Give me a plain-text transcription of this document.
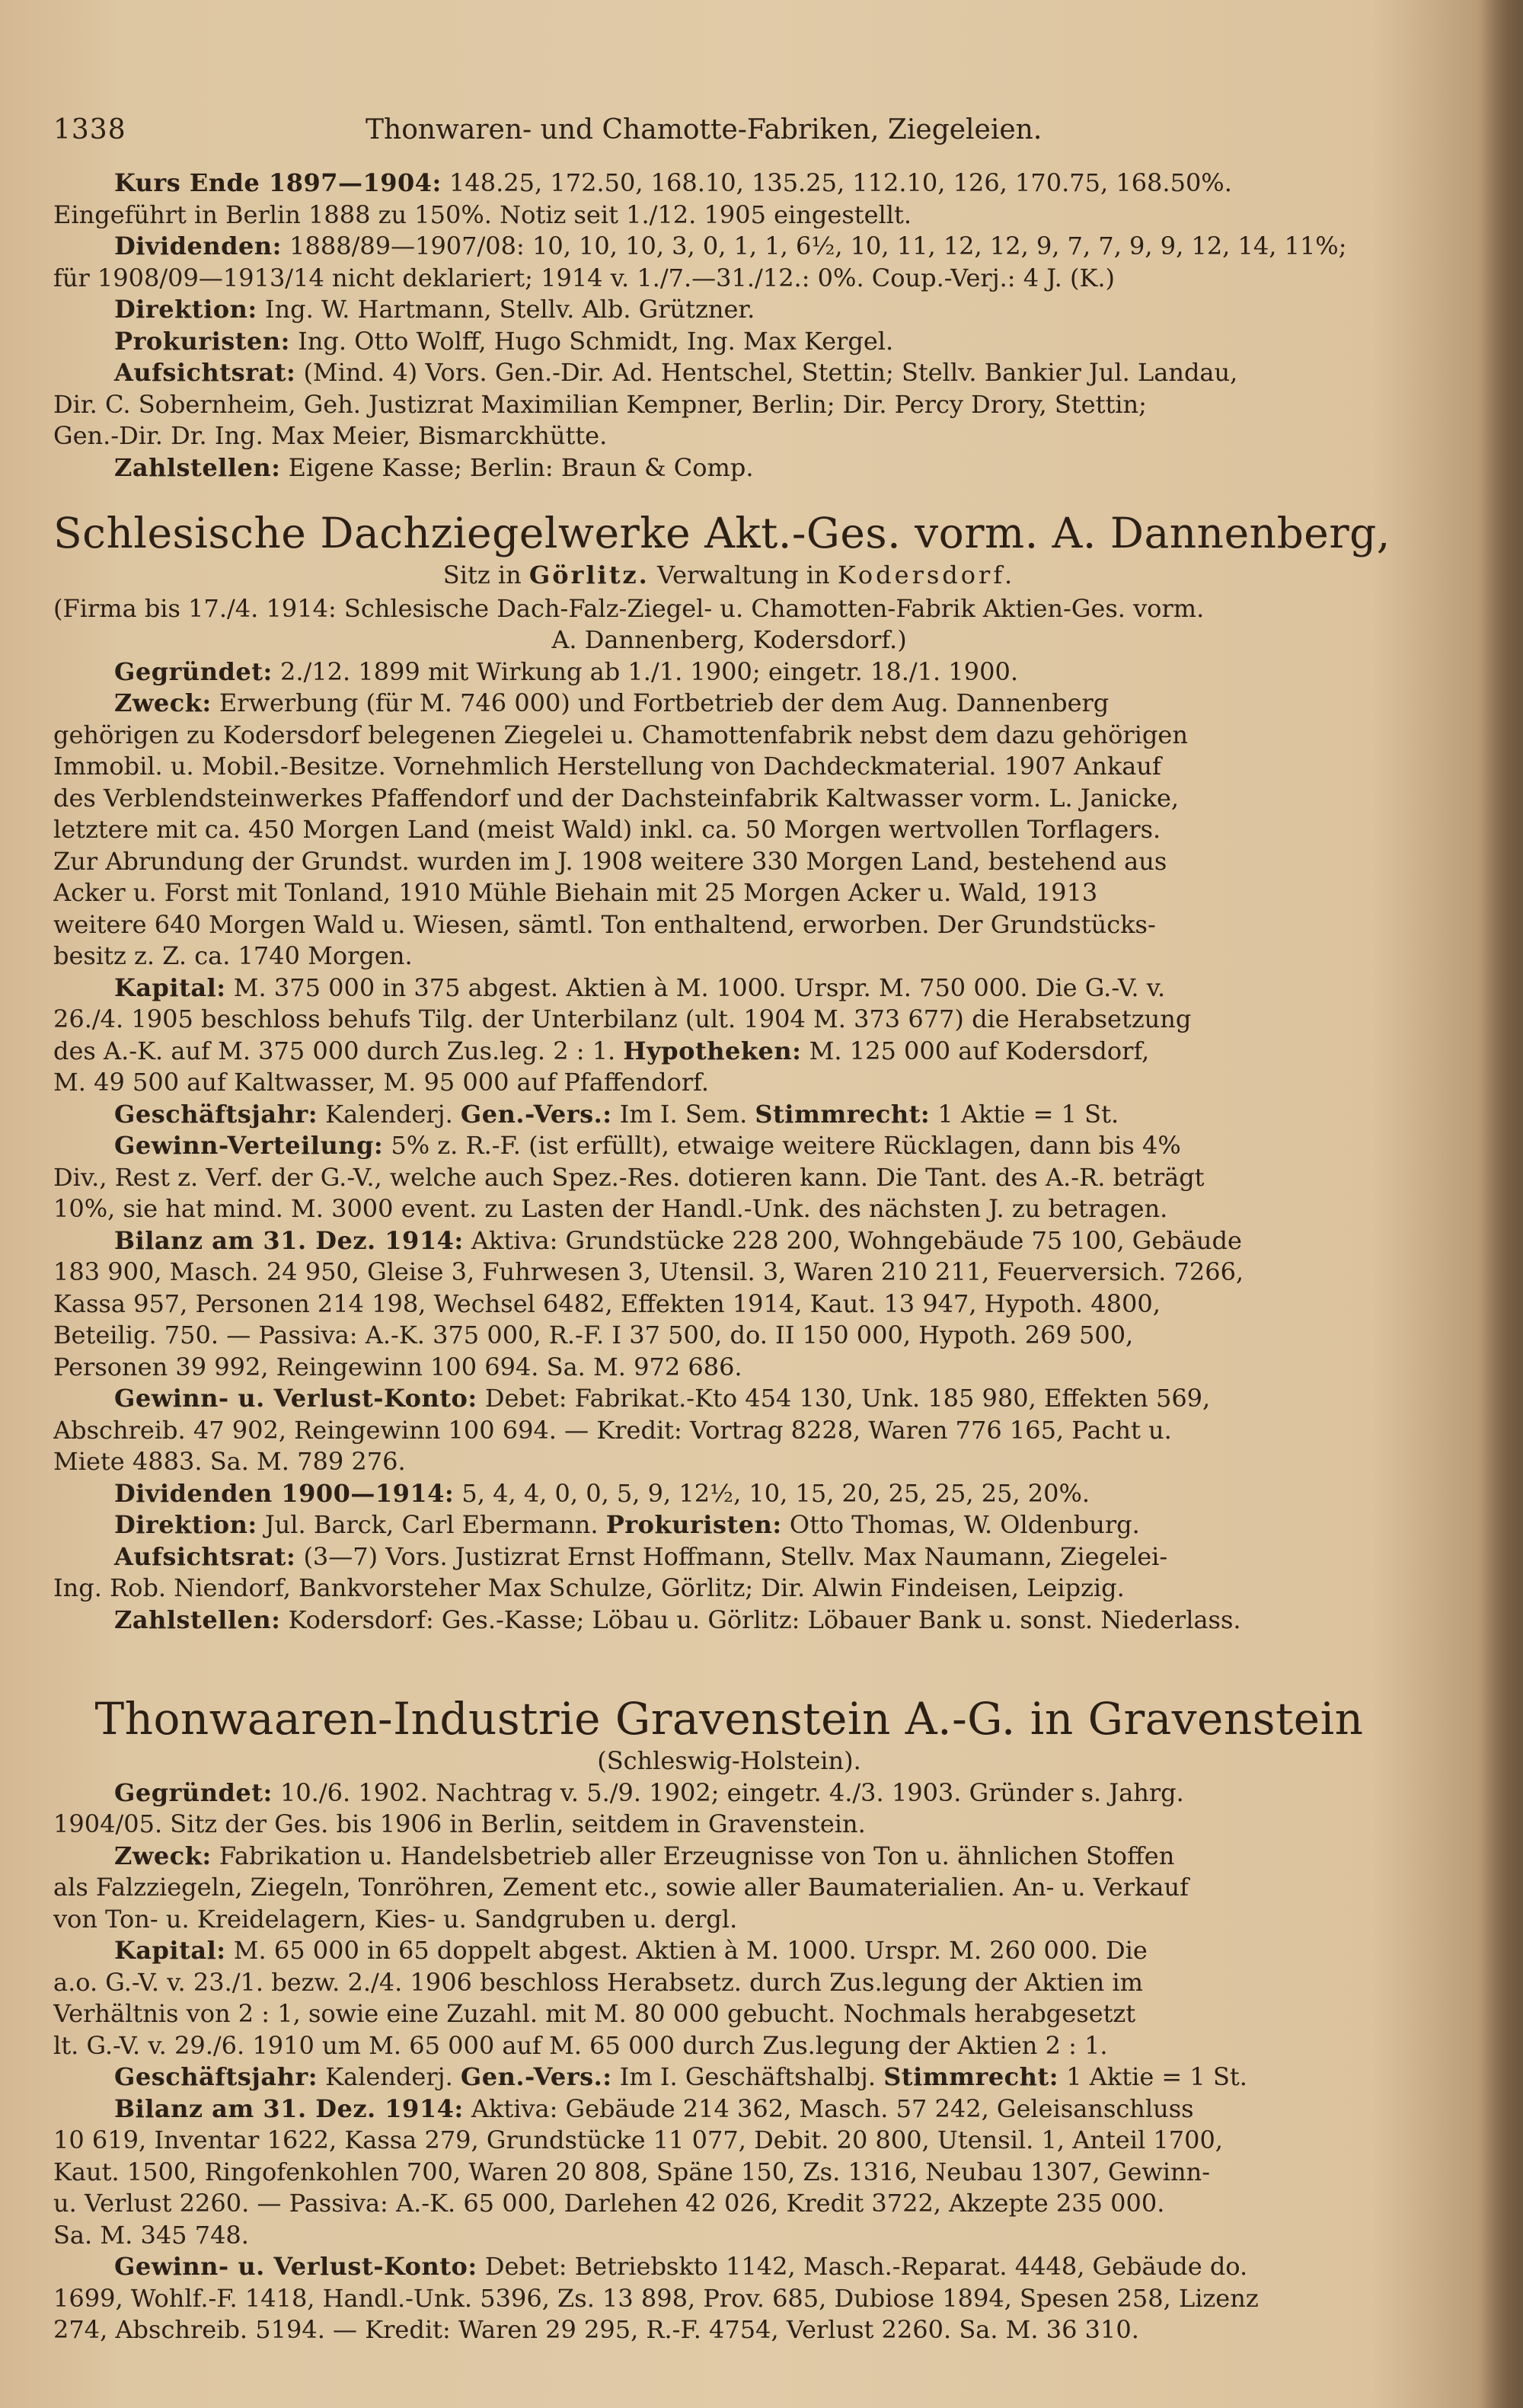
1338	Thonwaren- und Chamotte-Fabriken, Ziegeleien.
Kurs Ende 1897—1904: 148.25, 172.50, 168.10, 135.25, 112.10, 126, 170.75, 168.50%.
Eingeführt in Berlin 1888 zu 150%. Notiz seit 1./12. 1905 eingestellt.
Dividenden: 1888/89—1907/08: 10, 10, 10, 3, 0, 1, 1, 6½, 10, 11, 12, 12, 9, 7, 7, 9, 9, 12, 14, 11%;
für 1908/09—1913/14 nicht deklariert; 1914 v. 1./7.—31./12.: 0%. Coup.-Verj.: 4 J. (K.)
Direktion: Ing. W. Hartmann, Stellv. Alb. Grützner.
Prokuristen: Ing. Otto Wolff, Hugo Schmidt, Ing. Max Kergel.
Aufsichtsrat: (Mind. 4) Vors. Gen.-Dir. Ad. Hentschel, Stettin; Stellv. Bankier Jul. Landau,
Dir. C. Sobernheim, Geh. Justizrat Maximilian Kempner, Berlin; Dir. Percy Drory, Stettin;
Gen.-Dir. Dr. Ing. Max Meier, Bismarckhütte.
Zahlstellen: Eigene Kasse; Berlin: Braun & Comp.
Schlesische Dachziegelwerke Akt.-Ges. vorm. A. Dannenberg,
Sitz in Görlitz. Verwaltung in Kodersdorf.
(Firma bis 17./4. 1914: Schlesische Dach-Falz-Ziegel- u. Chamotten-Fabrik Aktien-Ges. vorm.
A. Dannenberg, Kodersdorf.)
Gegründet: 2./12. 1899 mit Wirkung ab 1./1. 1900; eingetr. 18./1. 1900.
Zweck: Erwerbung (für M. 746 000) und Fortbetrieb der dem Aug. Dannenberg
gehörigen zu Kodersdorf belegenen Ziegelei u. Chamottenfabrik nebst dem dazu gehörigen
Immobil. u. Mobil.-Besitze. Vornehmlich Herstellung von Dachdeckmaterial. 1907 Ankauf
des Verblendsteinwerkes Pfaffendorf und der Dachsteinfabrik Kaltwasser vorm. L. Janicke,
letztere mit ca. 450 Morgen Land (meist Wald) inkl. ca. 50 Morgen wertvollen Torflagers.
Zur Abrundung der Grundst. wurden im J. 1908 weitere 330 Morgen Land, bestehend aus
Acker u. Forst mit Tonland, 1910 Mühle Biehain mit 25 Morgen Acker u. Wald, 1913
weitere 640 Morgen Wald u. Wiesen, sämtl. Ton enthaltend, erworben. Der Grundstücks-
besitz z. Z. ca. 1740 Morgen.
Kapital: M. 375 000 in 375 abgest. Aktien à M. 1000. Urspr. M. 750 000. Die G.-V. v.
26./4. 1905 beschloss behufs Tilg. der Unterbilanz (ult. 1904 M. 373 677) die Herabsetzung
des A.-K. auf M. 375 000 durch Zus.leg. 2 : 1. Hypotheken: M. 125 000 auf Kodersdorf,
M. 49 500 auf Kaltwasser, M. 95 000 auf Pfaffendorf.
Geschäftsjahr: Kalenderj. Gen.-Vers.: Im I. Sem. Stimmrecht: 1 Aktie = 1 St.
Gewinn-Verteilung: 5% z. R.-F. (ist erfüllt), etwaige weitere Rücklagen, dann bis 4%
Div., Rest z. Verf. der G.-V., welche auch Spez.-Res. dotieren kann. Die Tant. des A.-R. beträgt
10%, sie hat mind. M. 3000 event. zu Lasten der Handl.-Unk. des nächsten J. zu betragen.
Bilanz am 31. Dez. 1914: Aktiva: Grundstücke 228 200, Wohngebäude 75 100, Gebäude
183 900, Masch. 24 950, Gleise 3, Fuhrwesen 3, Utensil. 3, Waren 210 211, Feuerversich. 7266,
Kassa 957, Personen 214 198, Wechsel 6482, Effekten 1914, Kaut. 13 947, Hypoth. 4800,
Beteilig. 750. — Passiva: A.-K. 375 000, R.-F. I 37 500, do. II 150 000, Hypoth. 269 500,
Personen 39 992, Reingewinn 100 694. Sa. M. 972 686.
Gewinn- u. Verlust-Konto: Debet: Fabrikat.-Kto 454 130, Unk. 185 980, Effekten 569,
Abschreib. 47 902, Reingewinn 100 694. — Kredit: Vortrag 8228, Waren 776 165, Pacht u.
Miete 4883. Sa. M. 789 276.
Dividenden 1900—1914: 5, 4, 4, 0, 0, 5, 9, 12½, 10, 15, 20, 25, 25, 25, 20%.
Direktion: Jul. Barck, Carl Ebermann. Prokuristen: Otto Thomas, W. Oldenburg.
Aufsichtsrat: (3—7) Vors. Justizrat Ernst Hoffmann, Stellv. Max Naumann, Ziegelei-
Ing. Rob. Niendorf, Bankvorsteher Max Schulze, Görlitz; Dir. Alwin Findeisen, Leipzig.
Zahlstellen: Kodersdorf: Ges.-Kasse; Löbau u. Görlitz: Löbauer Bank u. sonst. Niederlass.
Thonwaaren-Industrie Gravenstein A.-G. in Gravenstein
(Schleswig-Holstein).
Gegründet: 10./6. 1902. Nachtrag v. 5./9. 1902; eingetr. 4./3. 1903. Gründer s. Jahrg.
1904/05. Sitz der Ges. bis 1906 in Berlin, seitdem in Gravenstein.
Zweck: Fabrikation u. Handelsbetrieb aller Erzeugnisse von Ton u. ähnlichen Stoffen
als Falzziegeln, Ziegeln, Tonröhren, Zement etc., sowie aller Baumaterialien. An- u. Verkauf
von Ton- u. Kreidelagern, Kies- u. Sandgruben u. dergl.
Kapital: M. 65 000 in 65 doppelt abgest. Aktien à M. 1000. Urspr. M. 260 000. Die
a.o. G.-V. v. 23./1. bezw. 2./4. 1906 beschloss Herabsetz. durch Zus.legung der Aktien im
Verhältnis von 2 : 1, sowie eine Zuzahl. mit M. 80 000 gebucht. Nochmals herabgesetzt
lt. G.-V. v. 29./6. 1910 um M. 65 000 auf M. 65 000 durch Zus.legung der Aktien 2 : 1.
Geschäftsjahr: Kalenderj. Gen.-Vers.: Im I. Geschäftshalbj. Stimmrecht: 1 Aktie = 1 St.
Bilanz am 31. Dez. 1914: Aktiva: Gebäude 214 362, Masch. 57 242, Geleisanschluss
10 619, Inventar 1622, Kassa 279, Grundstücke 11 077, Debit. 20 800, Utensil. 1, Anteil 1700,
Kaut. 1500, Ringofenkohlen 700, Waren 20 808, Späne 150, Zs. 1316, Neubau 1307, Gewinn-
u. Verlust 2260. — Passiva: A.-K. 65 000, Darlehen 42 026, Kredit 3722, Akzepte 235 000.
Sa. M. 345 748.
Gewinn- u. Verlust-Konto: Debet: Betriebskto 1142, Masch.-Reparat. 4448, Gebäude do.
1699, Wohlf.-F. 1418, Handl.-Unk. 5396, Zs. 13 898, Prov. 685, Dubiose 1894, Spesen 258, Lizenz
274, Abschreib. 5194. — Kredit: Waren 29 295, R.-F. 4754, Verlust 2260. Sa. M. 36 310.
